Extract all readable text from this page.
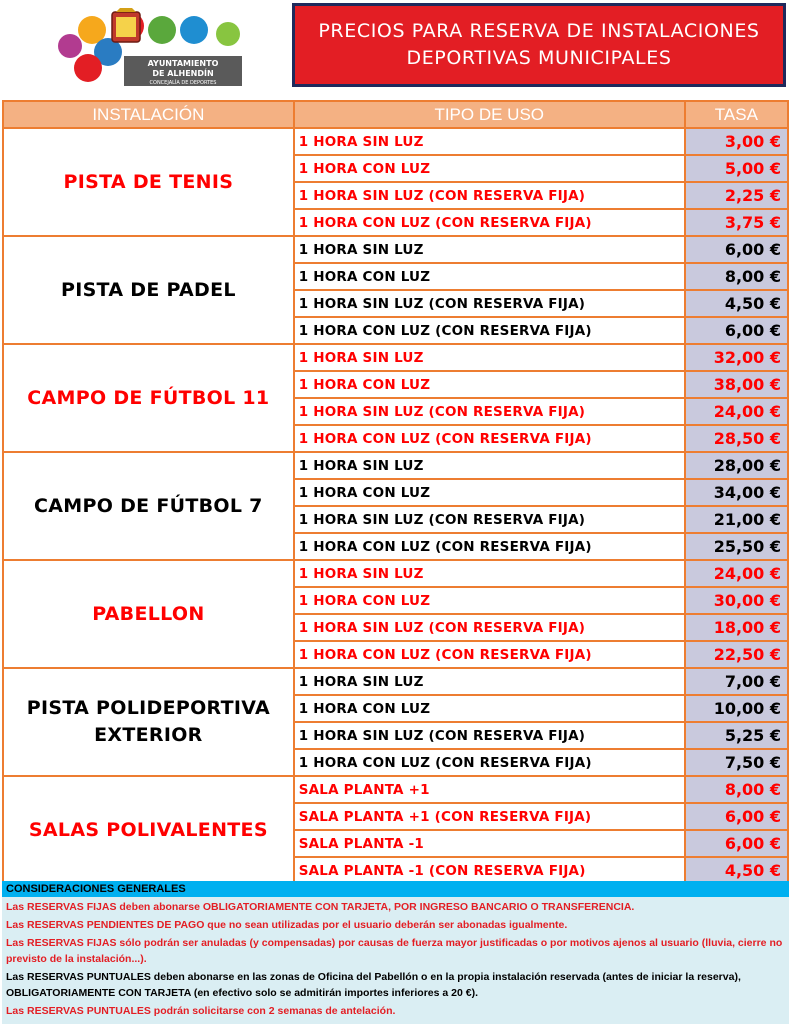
AYUNTAMIENTO
DE ALHENDÍN
CONCEJALÍA DE DEPORTES
PRECIOS PARA RESERVA DE INSTALACIONES
DEPORTIVAS MUNICIPALES
INSTALACIÓN	TIPO DE USO	TASA
PISTA DE TENIS	1 HORA SIN LUZ	3,00 €
	1 HORA CON LUZ	5,00 €
	1 HORA SIN LUZ (CON RESERVA FIJA)	2,25 €
	1 HORA CON LUZ (CON RESERVA FIJA)	3,75 €
PISTA DE PADEL	1 HORA SIN LUZ	6,00 €
	1 HORA CON LUZ	8,00 €
	1 HORA SIN LUZ (CON RESERVA FIJA)	4,50 €
	1 HORA CON LUZ (CON RESERVA FIJA)	6,00 €
CAMPO DE FÚTBOL 11	1 HORA SIN LUZ	32,00 €
	1 HORA CON LUZ	38,00 €
	1 HORA SIN LUZ (CON RESERVA FIJA)	24,00 €
	1 HORA CON LUZ (CON RESERVA FIJA)	28,50 €
CAMPO DE FÚTBOL 7	1 HORA SIN LUZ	28,00 €
	1 HORA CON LUZ	34,00 €
	1 HORA SIN LUZ (CON RESERVA FIJA)	21,00 €
	1 HORA CON LUZ (CON RESERVA FIJA)	25,50 €
PABELLON	1 HORA SIN LUZ	24,00 €
	1 HORA CON LUZ	30,00 €
	1 HORA SIN LUZ (CON RESERVA FIJA)	18,00 €
	1 HORA CON LUZ (CON RESERVA FIJA)	22,50 €
PISTA POLIDEPORTIVA EXTERIOR	1 HORA SIN LUZ	7,00 €
	1 HORA CON LUZ	10,00 €
	1 HORA SIN LUZ (CON RESERVA FIJA)	5,25 €
	1 HORA CON LUZ (CON RESERVA FIJA)	7,50 €
SALAS POLIVALENTES	SALA PLANTA +1	8,00 €
	SALA PLANTA +1 (CON RESERVA FIJA)	6,00 €
	SALA PLANTA -1	6,00 €
	SALA PLANTA -1 (CON RESERVA FIJA)	4,50 €
CONSIDERACIONES GENERALES

Las RESERVAS FIJAS deben abonarse OBLIGATORIAMENTE CON TARJETA, POR INGRESO BANCARIO O TRANSFERENCIA.

Las RESERVAS PENDIENTES DE PAGO que no sean utilizadas por el usuario deberán ser abonadas igualmente.

Las RESERVAS FIJAS sólo podrán ser anuladas (y compensadas) por causas de fuerza mayor justificadas o por motivos ajenos al usuario (lluvia, cierre no previsto de la instalación...).

Las RESERVAS PUNTUALES deben abonarse en las zonas de Oficina del Pabellón o en la propia instalación reservada (antes de iniciar la reserva), OBLIGATORIAMENTE CON TARJETA (en efectivo solo se admitirán importes inferiores a 20 €).

Las RESERVAS PUNTUALES podrán solicitarse con 2 semanas de antelación.
